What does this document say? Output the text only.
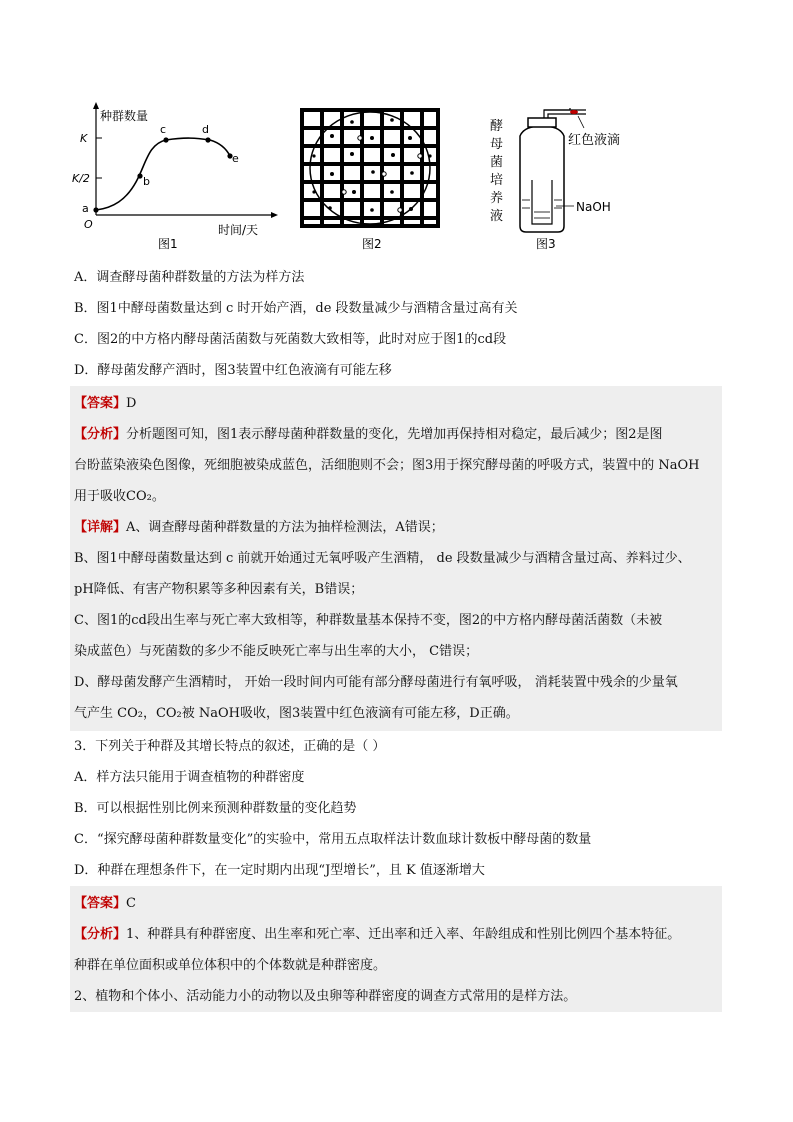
种群数量
K
K/2
O
a
b
c	d
e
时间/天
图1	图2
酵
母
菌
培
养
液
红色液滴
NaOH
图3
A．调查酵母菌种群数量的方法为样方法
B．图1中酵母菌数量达到 c 时开始产酒，de 段数量减少与酒精含量过高有关
C．图2的中方格内酵母菌活菌数与死菌数大致相等，此时对应于图1的cd段
D．酵母菌发酵产酒时，图3装置中红色液滴有可能左移
【答案】D
【分析】分析题图可知，图1表示酵母菌种群数量的变化，先增加再保持相对稳定，最后减少；图2是图
台盼蓝染液染色图像，死细胞被染成蓝色，活细胞则不会；图3用于探究酵母菌的呼吸方式，装置中的 NaOH
用于吸收CO₂。
【详解】A、调查酵母菌种群数量的方法为抽样检测法，A错误；
B、图1中酵母菌数量达到 c 前就开始通过无氧呼吸产生酒精， de 段数量减少与酒精含量过高、养料过少、
pH降低、有害产物积累等多种因素有关，B错误；
C、图1的cd段出生率与死亡率大致相等，种群数量基本保持不变，图2的中方格内酵母菌活菌数（未被
染成蓝色）与死菌数的多少不能反映死亡率与出生率的大小， C错误；
D、酵母菌发酵产生酒精时， 开始一段时间内可能有部分酵母菌进行有氧呼吸， 消耗装置中残余的少量氧
气产生 CO₂，CO₂被 NaOH吸收，图3装置中红色液滴有可能左移，D正确。
3．下列关于种群及其增长特点的叙述，正确的是（ ）
A．样方法只能用于调查植物的种群密度
B．可以根据性别比例来预测种群数量的变化趋势
C．“探究酵母菌种群数量变化”的实验中，常用五点取样法计数血球计数板中酵母菌的数量
D．种群在理想条件下，在一定时期内出现“J型增长”，且 K 值逐渐增大
【答案】C
【分析】1、种群具有种群密度、出生率和死亡率、迁出率和迁入率、年龄组成和性别比例四个基本特征。
种群在单位面积或单位体积中的个体数就是种群密度。
2、植物和个体小、活动能力小的动物以及虫卵等种群密度的调查方式常用的是样方法。
